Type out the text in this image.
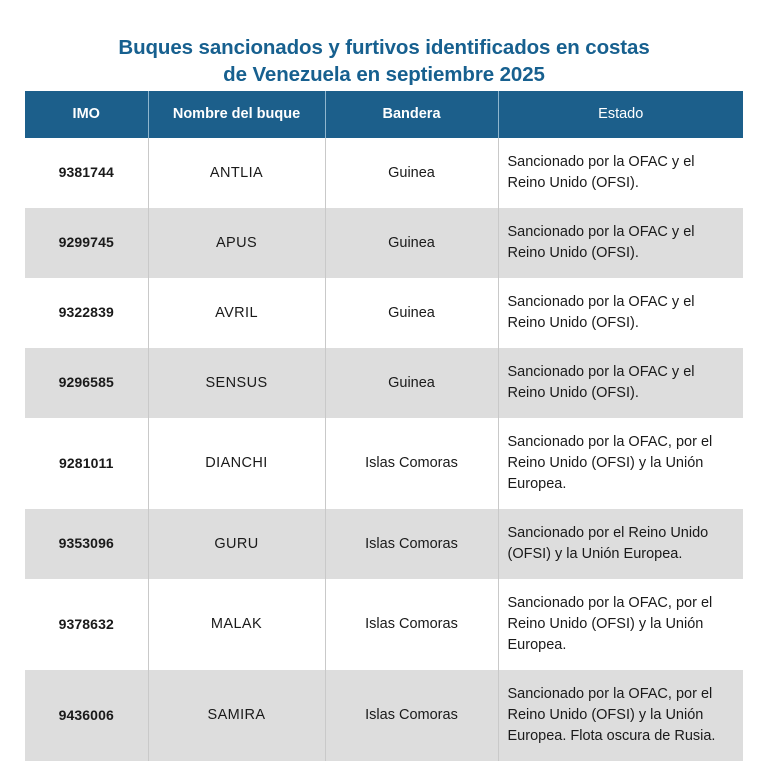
Buques sancionados y furtivos identificados en costas
de Venezuela en septiembre 2025
IMO	Nombre del buque	Bandera	Estado
9381744	ANTLIA	Guinea	Sancionado por la OFAC y el Reino Unido (OFSI).
9299745	APUS	Guinea	Sancionado por la OFAC y el Reino Unido (OFSI).
9322839	AVRIL	Guinea	Sancionado por la OFAC y el Reino Unido (OFSI).
9296585	SENSUS	Guinea	Sancionado por la OFAC y el Reino Unido (OFSI).
9281011	DIANCHI	Islas Comoras	Sancionado por la OFAC, por el Reino Unido (OFSI) y la Unión Europea.
9353096	GURU	Islas Comoras	Sancionado por el Reino Unido (OFSI) y la Unión Europea.
9378632	MALAK	Islas Comoras	Sancionado por la OFAC, por el Reino Unido (OFSI) y la Unión Europea.
9436006	SAMIRA	Islas Comoras	Sancionado por la OFAC, por el Reino Unido (OFSI) y la Unión Europea. Flota oscura de Rusia.
